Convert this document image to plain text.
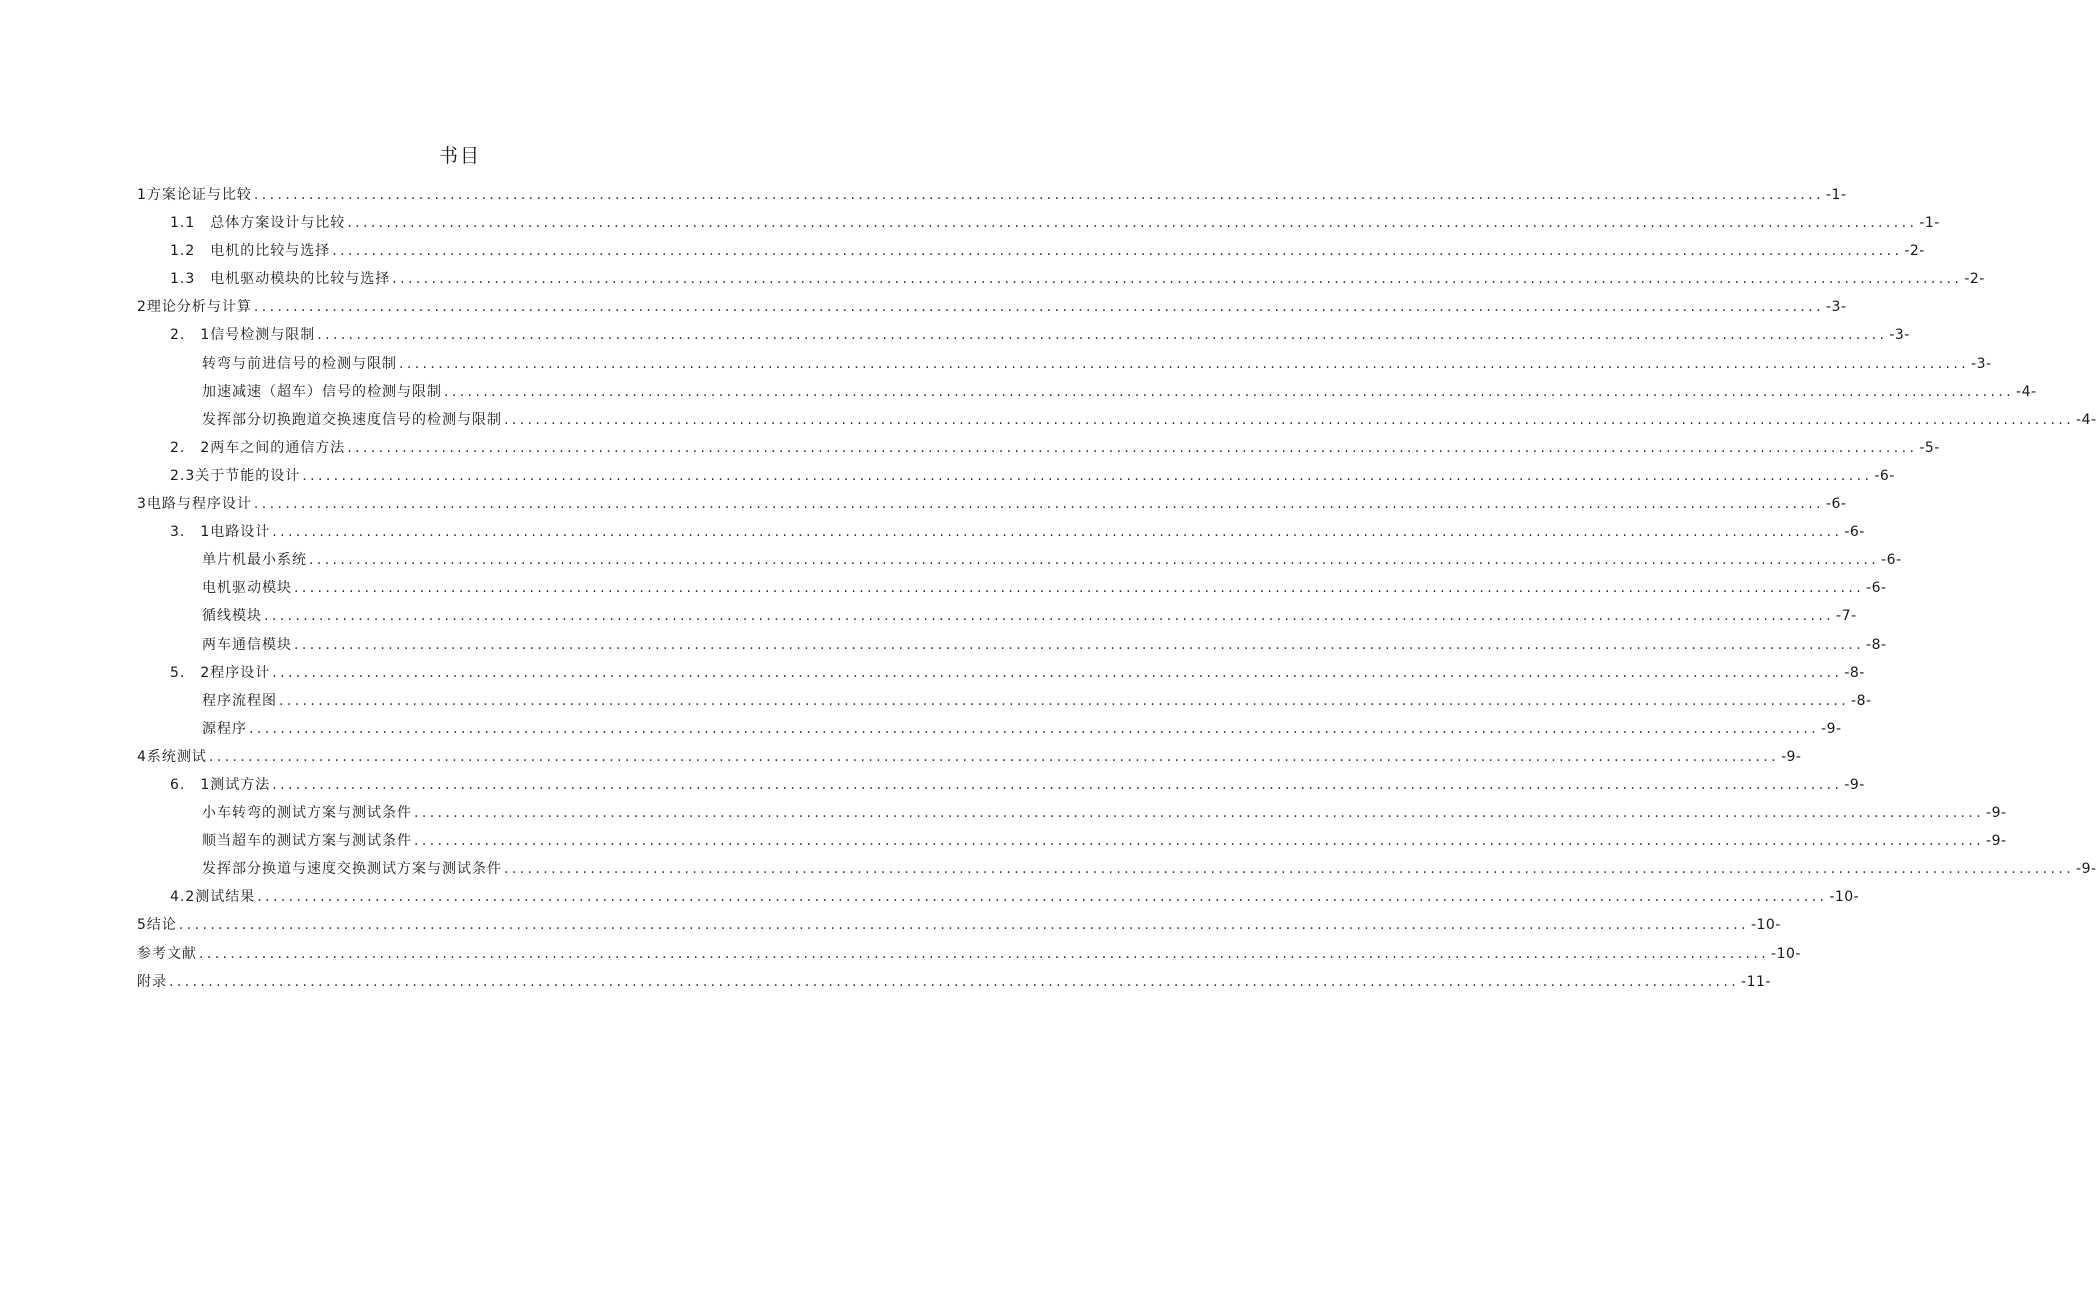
书目
1方案论证与比较 ........................................................................................................................................................................................................ -1-
1.1　总体方案设计与比较 ........................................................................................................................................................................................................ -1-
1.2　电机的比较与选择 ........................................................................................................................................................................................................ -2-
1.3　电机驱动模块的比较与选择 ........................................................................................................................................................................................................ -2-
2理论分析与计算 ........................................................................................................................................................................................................ -3-
2.　1信号检测与限制 ........................................................................................................................................................................................................ -3-
转弯与前进信号的检测与限制 ........................................................................................................................................................................................................ -3-
加速减速（超车）信号的检测与限制 ........................................................................................................................................................................................................ -4-
发挥部分切换跑道交换速度信号的检测与限制 ........................................................................................................................................................................................................ -4-
2.　2两车之间的通信方法 ........................................................................................................................................................................................................ -5-
2.3关于节能的设计 ........................................................................................................................................................................................................ -6-
3电路与程序设计 ........................................................................................................................................................................................................ -6-
3.　1电路设计 ........................................................................................................................................................................................................ -6-
单片机最小系统 ........................................................................................................................................................................................................ -6-
电机驱动模块 ........................................................................................................................................................................................................ -6-
循线模块 ........................................................................................................................................................................................................ -7-
两车通信模块 ........................................................................................................................................................................................................ -8-
5.　2程序设计 ........................................................................................................................................................................................................ -8-
程序流程图 ........................................................................................................................................................................................................ -8-
源程序 ........................................................................................................................................................................................................ -9-
4系统测试 ........................................................................................................................................................................................................ -9-
6.　1测试方法 ........................................................................................................................................................................................................ -9-
小车转弯的测试方案与测试条件 ........................................................................................................................................................................................................ -9-
顺当超车的测试方案与测试条件 ........................................................................................................................................................................................................ -9-
发挥部分换道与速度交换测试方案与测试条件 ........................................................................................................................................................................................................ -9-
4.2测试结果 ........................................................................................................................................................................................................ -10-
5结论 ........................................................................................................................................................................................................ -10-
参考文献 ........................................................................................................................................................................................................ -10-
附录 ........................................................................................................................................................................................................ -11-
